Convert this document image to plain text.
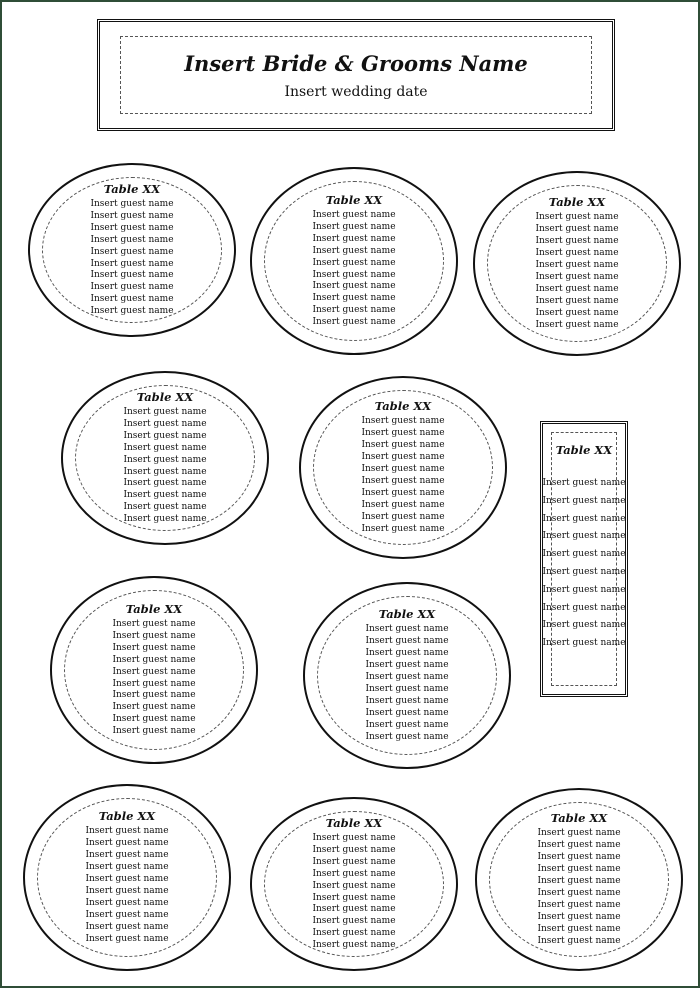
Insert Bride & Grooms Name
Insert wedding date
Table XX
Insert guest name
Insert guest name
Insert guest name
Insert guest name
Insert guest name
Insert guest name
Insert guest name
Insert guest name
Insert guest name
Insert guest name
Table XX
Insert guest name
Insert guest name
Insert guest name
Insert guest name
Insert guest name
Insert guest name
Insert guest name
Insert guest name
Insert guest name
Insert guest name
Table XX
Insert guest name
Insert guest name
Insert guest name
Insert guest name
Insert guest name
Insert guest name
Insert guest name
Insert guest name
Insert guest name
Insert guest name
Table XX
Insert guest name
Insert guest name
Insert guest name
Insert guest name
Insert guest name
Insert guest name
Insert guest name
Insert guest name
Insert guest name
Insert guest name
Table XX
Insert guest name
Insert guest name
Insert guest name
Insert guest name
Insert guest name
Insert guest name
Insert guest name
Insert guest name
Insert guest name
Insert guest name
Table XX
Insert guest name
Insert guest name
Insert guest name
Insert guest name
Insert guest name
Insert guest name
Insert guest name
Insert guest name
Insert guest name
Insert guest name
Table XX
Insert guest name
Insert guest name
Insert guest name
Insert guest name
Insert guest name
Insert guest name
Insert guest name
Insert guest name
Insert guest name
Insert guest name
Table XX
Insert guest name
Insert guest name
Insert guest name
Insert guest name
Insert guest name
Insert guest name
Insert guest name
Insert guest name
Insert guest name
Insert guest name
Table XX
Insert guest name
Insert guest name
Insert guest name
Insert guest name
Insert guest name
Insert guest name
Insert guest name
Insert guest name
Insert guest name
Insert guest name
Table XX
Insert guest name
Insert guest name
Insert guest name
Insert guest name
Insert guest name
Insert guest name
Insert guest name
Insert guest name
Insert guest name
Insert guest name
Table XX
Insert guest name
Insert guest name
Insert guest name
Insert guest name
Insert guest name
Insert guest name
Insert guest name
Insert guest name
Insert guest name
Insert guest name
